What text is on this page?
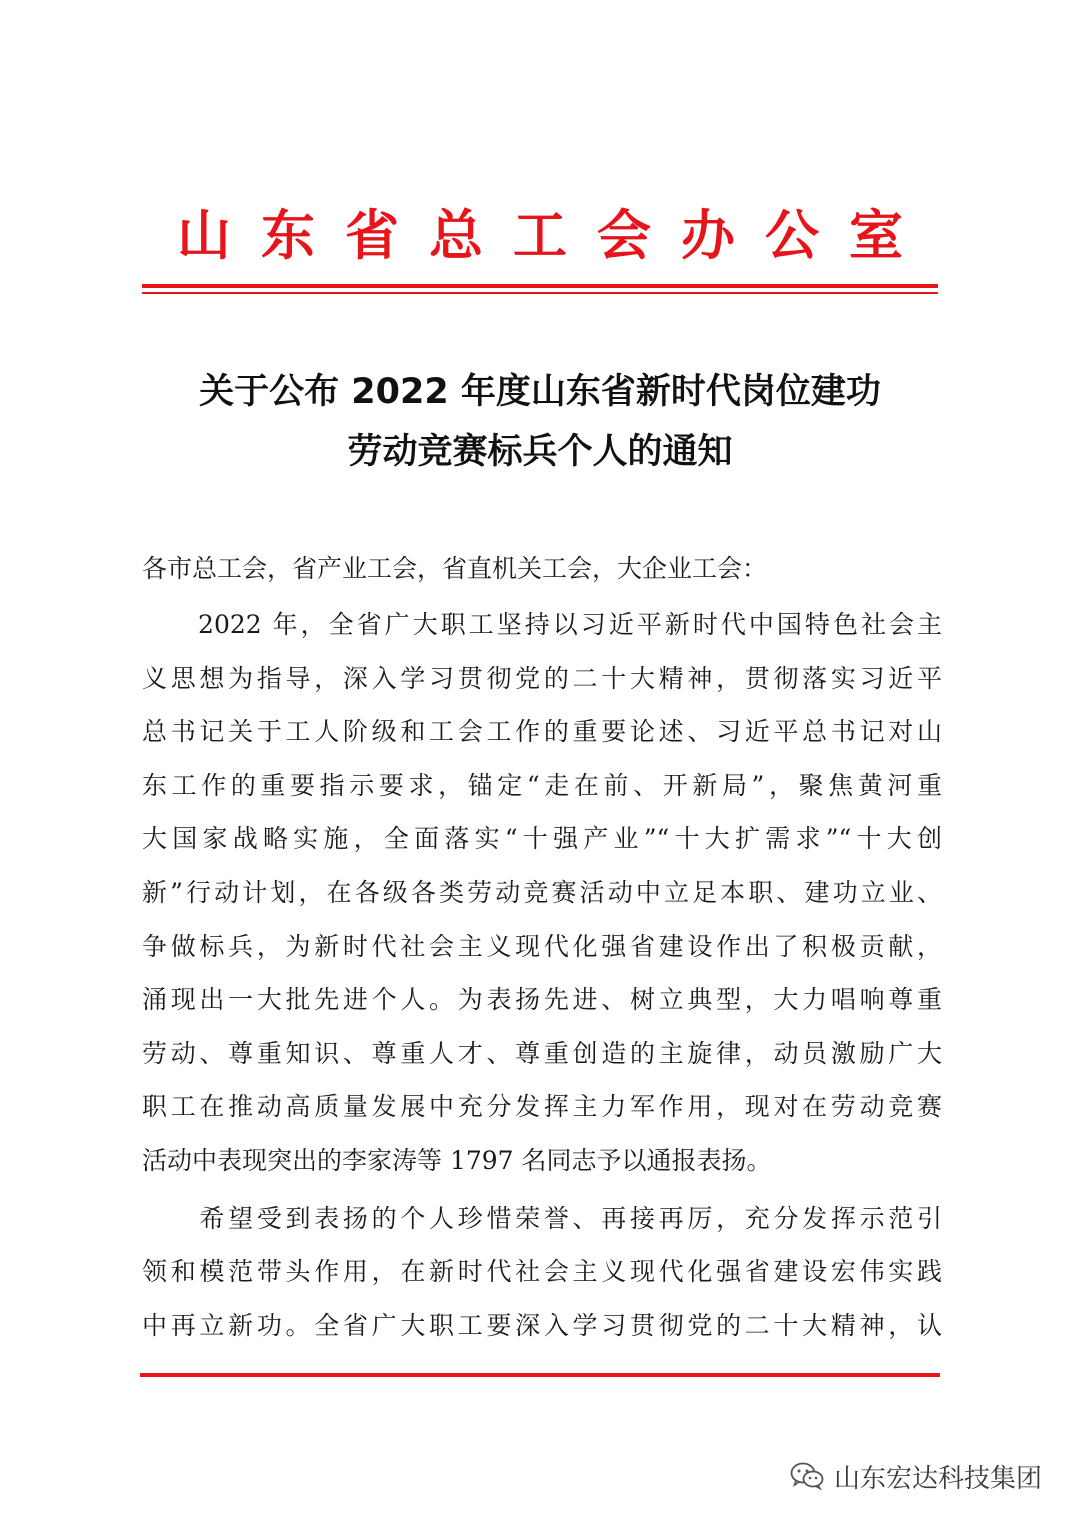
山东省总工会办公室
关于公布 2022 年度山东省新时代岗位建功
劳动竞赛标兵个人的通知
各市总工会，省产业工会，省直机关工会，大企业工会：
　　2022 年，全省广大职工坚持以习近平新时代中国特色社会主
义思想为指导，深入学习贯彻党的二十大精神，贯彻落实习近平
总书记关于工人阶级和工会工作的重要论述、习近平总书记对山
东工作的重要指示要求，锚定“走在前、开新局”，聚焦黄河重
大国家战略实施，全面落实“十强产业”“十大扩需求”“十大创
新”行动计划，在各级各类劳动竞赛活动中立足本职、建功立业、
争做标兵，为新时代社会主义现代化强省建设作出了积极贡献，
涌现出一大批先进个人。为表扬先进、树立典型，大力唱响尊重
劳动、尊重知识、尊重人才、尊重创造的主旋律，动员激励广大
职工在推动高质量发展中充分发挥主力军作用，现对在劳动竞赛
活动中表现突出的李家涛等 1797 名同志予以通报表扬。
　　希望受到表扬的个人珍惜荣誉、再接再厉，充分发挥示范引
领和模范带头作用，在新时代社会主义现代化强省建设宏伟实践
中再立新功。全省广大职工要深入学习贯彻党的二十大精神，认
山东宏达科技集团
